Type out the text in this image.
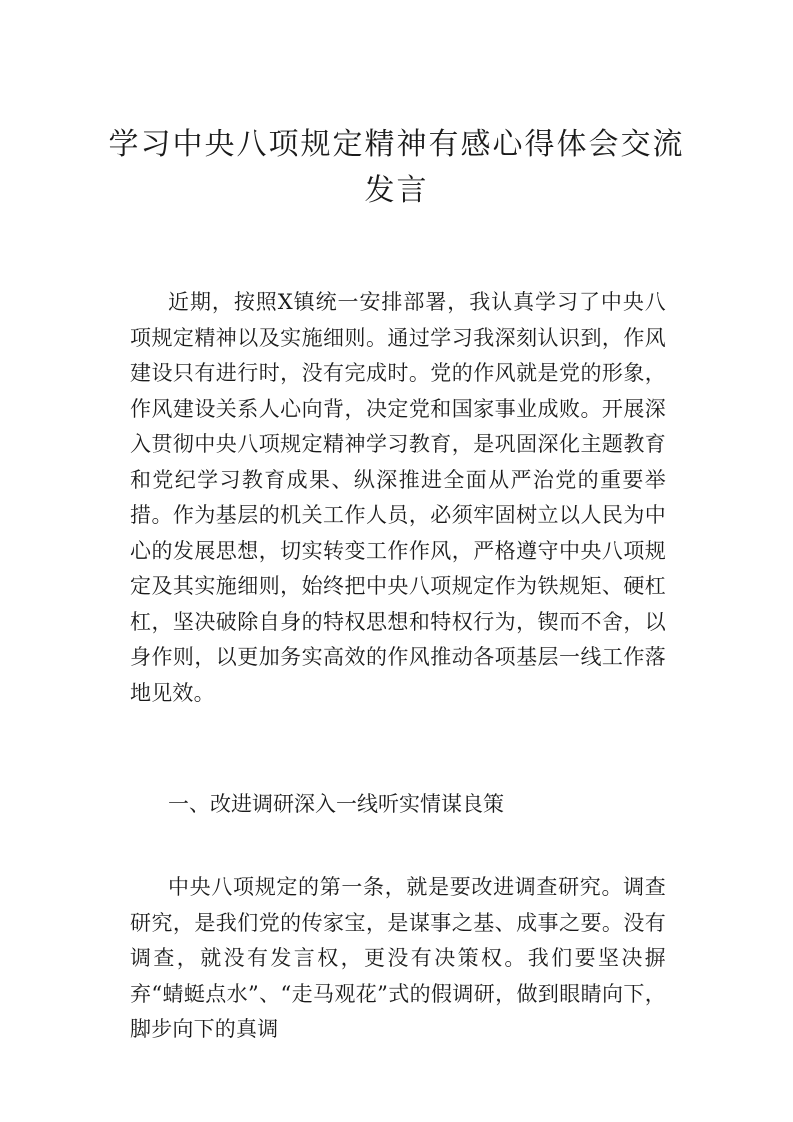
学习中央八项规定精神有感心得体会交流发言

近期，按照X镇统一安排部署，我认真学习了中央八项规定精神以及实施细则。通过学习我深刻认识到，作风建设只有进行时，没有完成时。党的作风就是党的形象，作风建设关系人心向背，决定党和国家事业成败。开展深入贯彻中央八项规定精神学习教育，是巩固深化主题教育和党纪学习教育成果、纵深推进全面从严治党的重要举措。作为基层的机关工作人员，必须牢固树立以人民为中心的发展思想，切实转变工作作风，严格遵守中央八项规定及其实施细则，始终把中央八项规定作为铁规矩、硬杠杠，坚决破除自身的特权思想和特权行为，锲而不舍，以身作则，以更加务实高效的作风推动各项基层一线工作落地见效。

一、改进调研深入一线听实情谋良策

中央八项规定的第一条，就是要改进调查研究。调查研究，是我们党的传家宝，是谋事之基、成事之要。没有调查，就没有发言权，更没有决策权。我们要坚决摒弃“蜻蜓点水”、“走马观花”式的假调研，做到眼睛向下，脚步向下的真调
